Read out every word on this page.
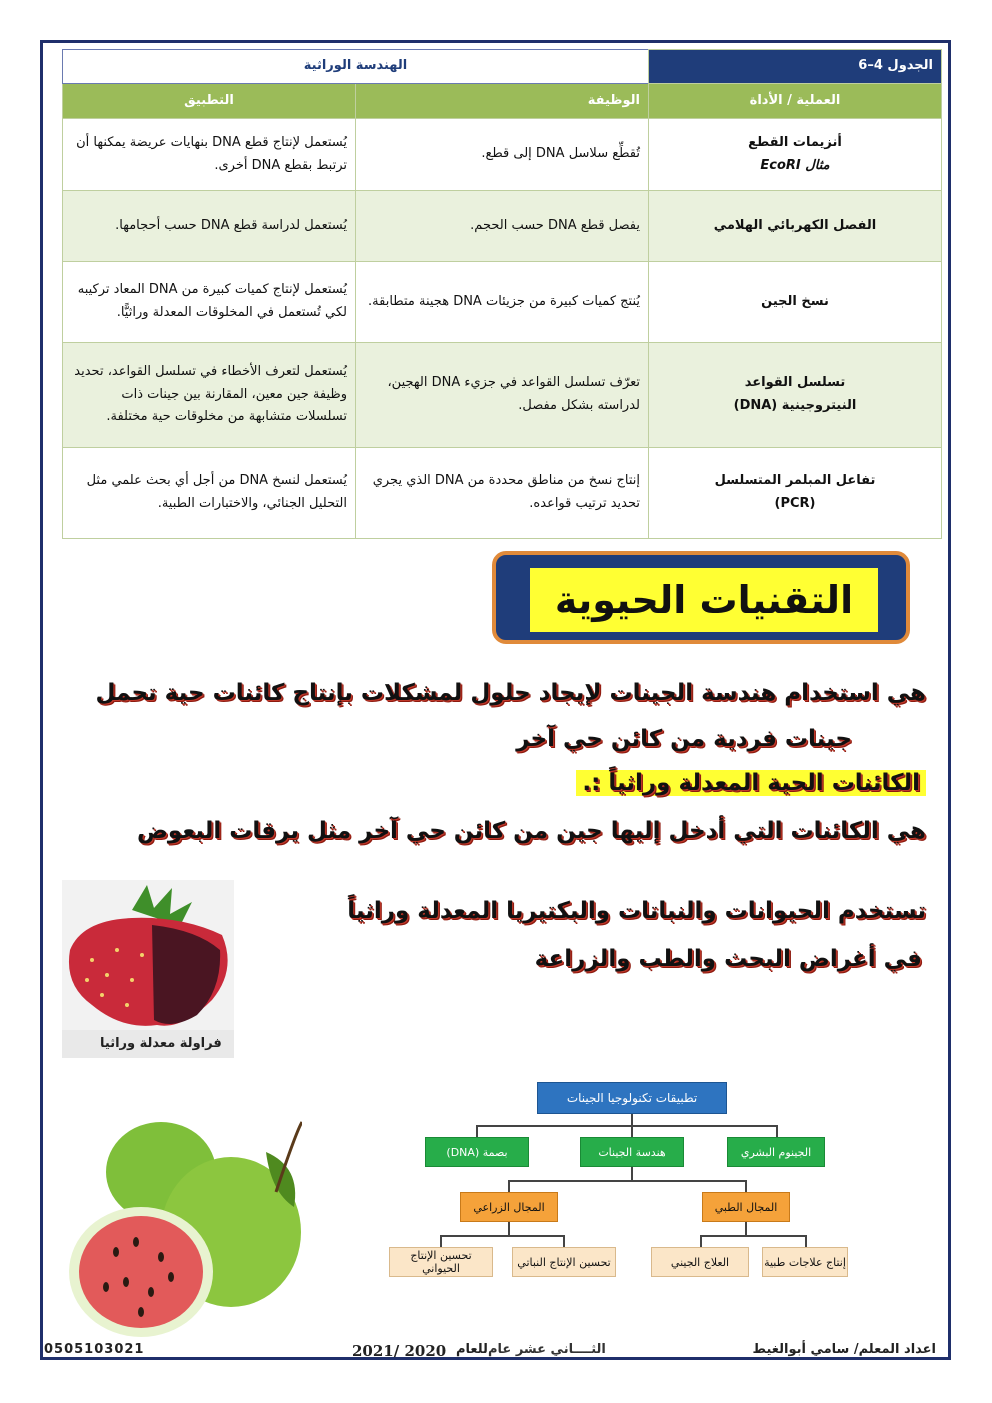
الجدول 4–6	الهندسة الوراثية	
العملية / الأداة	الوظيفة	التطبيق

أنزيمات القطع
مثال EcoRI	تُقطِّع سلاسل DNA إلى قطع.	يُستعمل لإنتاج قطع DNA بنهايات عريضة يمكنها أن ترتبط بقطع DNA أخرى.
الفصل الكهربائي الهلامي	يفصل قطع DNA حسب الحجم.	يُستعمل لدراسة قطع DNA حسب أحجامها.
نسخ الجين	يُنتج كميات كبيرة من جزيئات DNA هجينة متطابقة.	يُستعمل لإنتاج كميات كبيرة من DNA المعاد تركيبه لكي تُستعمل في المخلوقات المعدلة وراثيًّا.

تسلسل القواعد
النيتروجينية (DNA)	تعرّف تسلسل القواعد في جزيء DNA الهجين، لدراسته بشكل مفصل.	يُستعمل لتعرف الأخطاء في تسلسل القواعد، تحديد وظيفة جين معين، المقارنة بين جينات ذات تسلسلات متشابهة من مخلوقات حية مختلفة.

تفاعل المبلمر المتسلسل
(PCR)	إنتاج نسخ من مناطق محددة من DNA الذي يجري تحديد ترتيب قواعده.	يُستعمل لنسخ DNA من أجل أي بحث علمي مثل التحليل الجنائي، والاختبارات الطبية.
التقنيات الحيوية
هي استخدام هندسة الجينات لإيجاد حلول لمشكلات بإنتاج كائنات حية تحمل
جينات فردية من كائن حي آخر
الكائنات الحية المعدلة وراثياً :.
هي الكائنات التي أدخل إليها جين من كائن حي آخر مثل يرقات البعوض
تستخدم الحيوانات والنباتات والبكتيريا المعدلة وراثياً
في أغراض البحث والطب والزراعة
فراولة معدلة وراثيا
تطبيقات تكنولوجيا الجينات
الجينوم البشري
هندسة الجينات
بصمة (DNA)
المجال الطبي
المجال الزراعي
إنتاج علاجات طبية
العلاج الجيني
تحسين الإنتاج النباتي
تحسين الإنتاج الحيواني
اعداد المعلم/ سامي أبوالغيط
الثــــاني عشر عام
للعام
2020 /2021
0505103021
